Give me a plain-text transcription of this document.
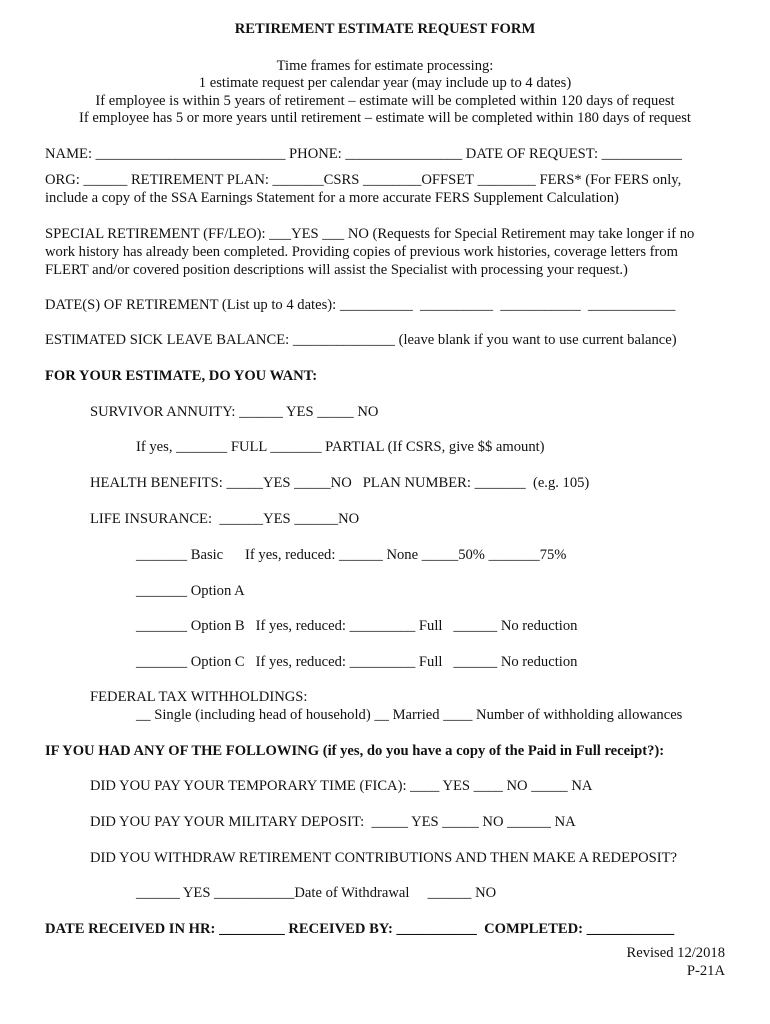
RETIREMENT ESTIMATE REQUEST FORM
Time frames for estimate processing:
1 estimate request per calendar year (may include up to 4 dates)
If employee is within 5 years of retirement – estimate will be completed within 120 days of request
If employee has 5 or more years until retirement – estimate will be completed within 180 days of request
NAME: __________________________ PHONE: ________________ DATE OF REQUEST: ___________
ORG: ______ RETIREMENT PLAN: _______CSRS ________OFFSET ________ FERS* (For FERS only,
include a copy of the SSA Earnings Statement for a more accurate FERS Supplement Calculation)
SPECIAL RETIREMENT (FF/LEO): ___YES ___ NO (Requests for Special Retirement may take longer if no
work history has already been completed. Providing copies of previous work histories, coverage letters from
FLERT and/or covered position descriptions will assist the Specialist with processing your request.)
DATE(S) OF RETIREMENT (List up to 4 dates): __________  __________  ___________  ____________
ESTIMATED SICK LEAVE BALANCE: ______________ (leave blank if you want to use current balance)
FOR YOUR ESTIMATE, DO YOU WANT:
SURVIVOR ANNUITY: ______ YES _____ NO
If yes, _______ FULL _______ PARTIAL (If CSRS, give $$ amount)
HEALTH BENEFITS: _____YES _____NO   PLAN NUMBER: _______  (e.g. 105)
LIFE INSURANCE:  ______YES ______NO
_______ Basic      If yes, reduced: ______ None _____50% _______75%
_______ Option A
_______ Option B   If yes, reduced: _________ Full   ______ No reduction
_______ Option C   If yes, reduced: _________ Full   ______ No reduction
FEDERAL TAX WITHHOLDINGS:
__ Single (including head of household) __ Married ____ Number of withholding allowances
IF YOU HAD ANY OF THE FOLLOWING (if yes, do you have a copy of the Paid in Full receipt?):
DID YOU PAY YOUR TEMPORARY TIME (FICA): ____ YES ____ NO _____ NA
DID YOU PAY YOUR MILITARY DEPOSIT:  _____ YES _____ NO ______ NA
DID YOU WITHDRAW RETIREMENT CONTRIBUTIONS AND THEN MAKE A REDEPOSIT?
______ YES ___________Date of Withdrawal     ______ NO
DATE RECEIVED IN HR: _________ RECEIVED BY: ___________  COMPLETED: ____________
Revised 12/2018
P-21A
